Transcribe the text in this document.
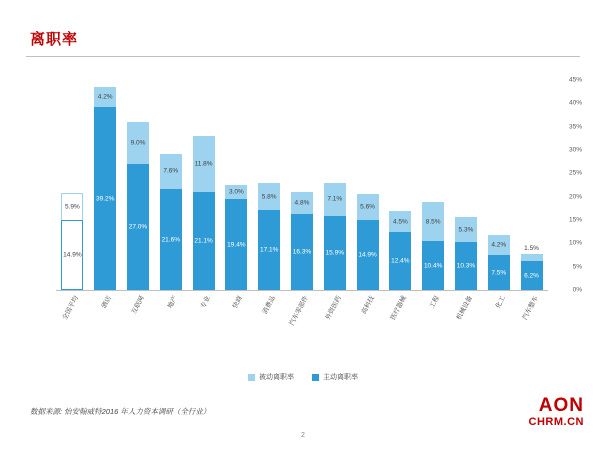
离职率
5.9%
14.9%
4.2%
39.2%
9.0%
27.0%
7.6%
21.6%
11.8%
21.1%
3.0%
19.4%
5.8%
17.1%
4.8%
16.3%
7.1%
15.9%
5.6%
14.9%
4.5%
12.4%
8.5%
10.4%
5.3%
10.3%
4.2%
7.5%
1.5%
6.2%
0%
5%
10%
15%
20%
25%
30%
35%
40%
45%
全国平均	酒店	互联网	地产	专业	快商	消费品 汽车零部件 外资医药	高科技 医疗器械	工程 机械设备	化工 汽车整车
被动离职率	主动离职率
数据来源: 怡安翰威特2016 年人力资本调研（全行业）
2
AON
CHRM.CN
